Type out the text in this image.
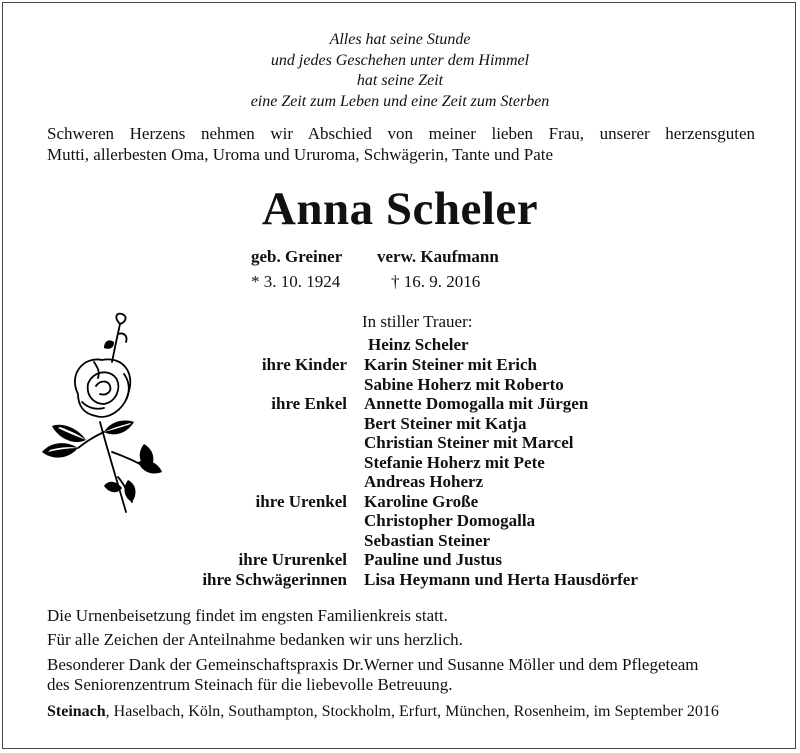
Alles hat seine Stunde
und jedes Geschehen unter dem Himmel
hat seine Zeit
eine Zeit zum Leben und eine Zeit zum Sterben
Schweren Herzens nehmen wir Abschied von meiner lieben Frau, unserer herzensguten
Mutti, allerbesten Oma, Uroma und Ururoma, Schwägerin, Tante und Pate
Anna Scheler
geb. Greiner verw. Kaufmann
* 3. 10. 1924	† 16. 9. 2016
In stiller Trauer:
Heinz Scheler
ihre Kinder Karin Steiner mit Erich
Sabine Hoherz mit Roberto
ihre Enkel Annette Domogalla mit Jürgen
Bert Steiner mit Katja
Christian Steiner mit Marcel
Stefanie Hoherz mit Pete
Andreas Hoherz
ihre Urenkel Karoline Große
Christopher Domogalla
Sebastian Steiner
ihre Ururenkel Pauline und Justus
ihre Schwägerinnen Lisa Heymann und Herta Hausdörfer
Die Urnenbeisetzung findet im engsten Familienkreis statt.
Für alle Zeichen der Anteilnahme bedanken wir uns herzlich.
Besonderer Dank der Gemeinschaftspraxis Dr.Werner und Susanne Möller und dem Pflegeteam
des Seniorenzentrum Steinach für die liebevolle Betreuung.
Steinach, Haselbach, Köln, Southampton, Stockholm, Erfurt, München, Rosenheim, im September 2016
